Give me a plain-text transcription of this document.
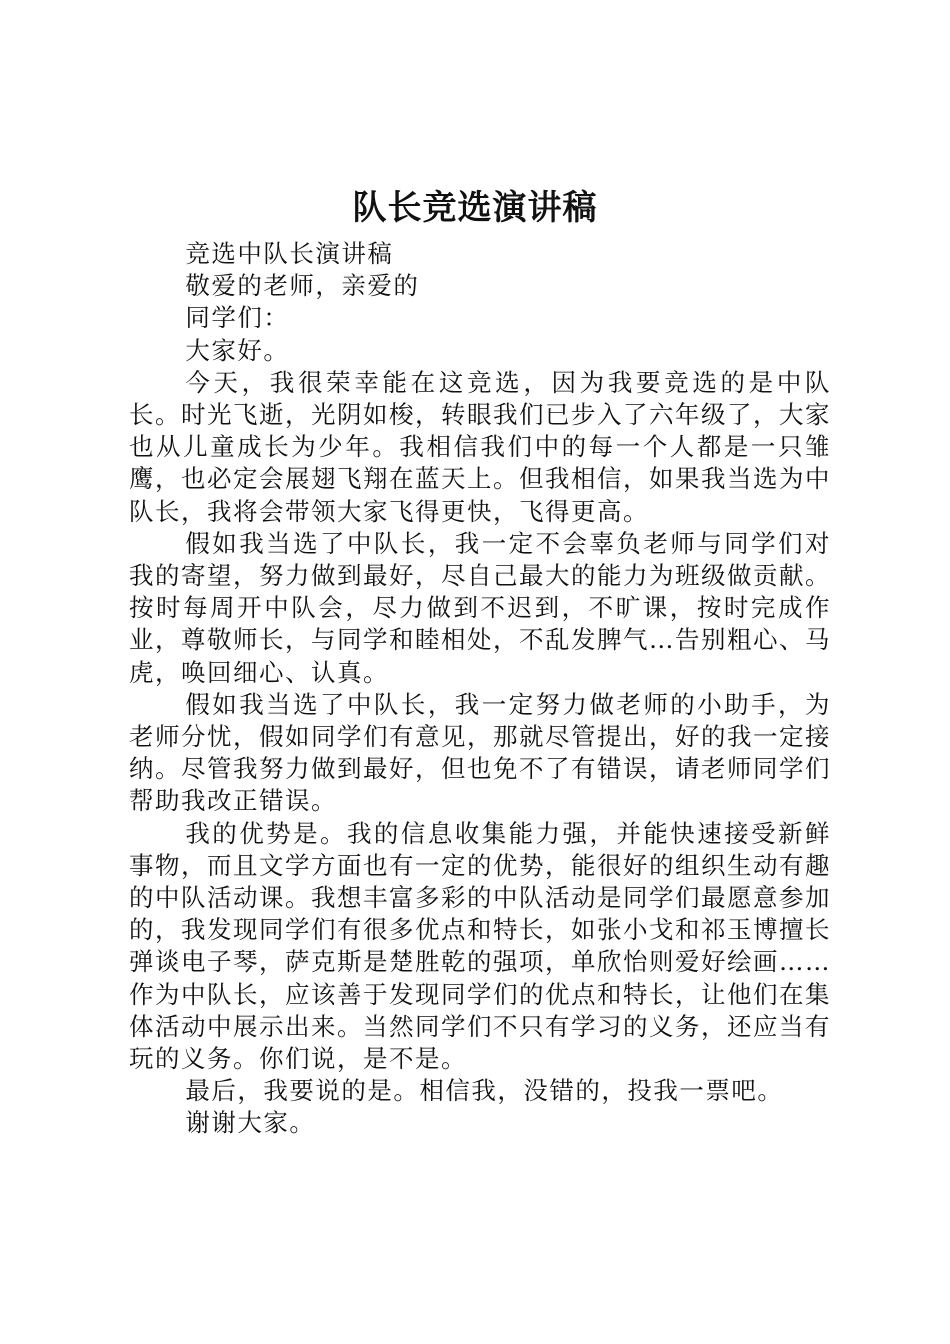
队长竞选演讲稿

竞选中队长演讲稿

敬爱的老师，亲爱的

同学们：

大家好。

今天，我很荣幸能在这竞选，因为我要竞选的是中队长。时光飞逝，光阴如梭，转眼我们已步入了六年级了，大家也从儿童成长为少年。我相信我们中的每一个人都是一只雏鹰，也必定会展翅飞翔在蓝天上。但我相信，如果我当选为中队长，我将会带领大家飞得更快，飞得更高。

假如我当选了中队长，我一定不会辜负老师与同学们对我的寄望，努力做到最好，尽自己最大的能力为班级做贡献。按时每周开中队会，尽力做到不迟到，不旷课，按时完成作业，尊敬师长，与同学和睦相处，不乱发脾气…告别粗心、马虎，唤回细心、认真。

假如我当选了中队长，我一定努力做老师的小助手，为老师分忧，假如同学们有意见，那就尽管提出，好的我一定接纳。尽管我努力做到最好，但也免不了有错误，请老师同学们帮助我改正错误。

我的优势是。我的信息收集能力强，并能快速接受新鲜事物，而且文学方面也有一定的优势，能很好的组织生动有趣的中队活动课。我想丰富多彩的中队活动是同学们最愿意参加的，我发现同学们有很多优点和特长，如张小戈和祁玉博擅长弹谈电子琴，萨克斯是楚胜乾的强项，单欣怡则爱好绘画……作为中队长，应该善于发现同学们的优点和特长，让他们在集体活动中展示出来。当然同学们不只有学习的义务，还应当有玩的义务。你们说，是不是。

最后，我要说的是。相信我，没错的，投我一票吧。

谢谢大家。
